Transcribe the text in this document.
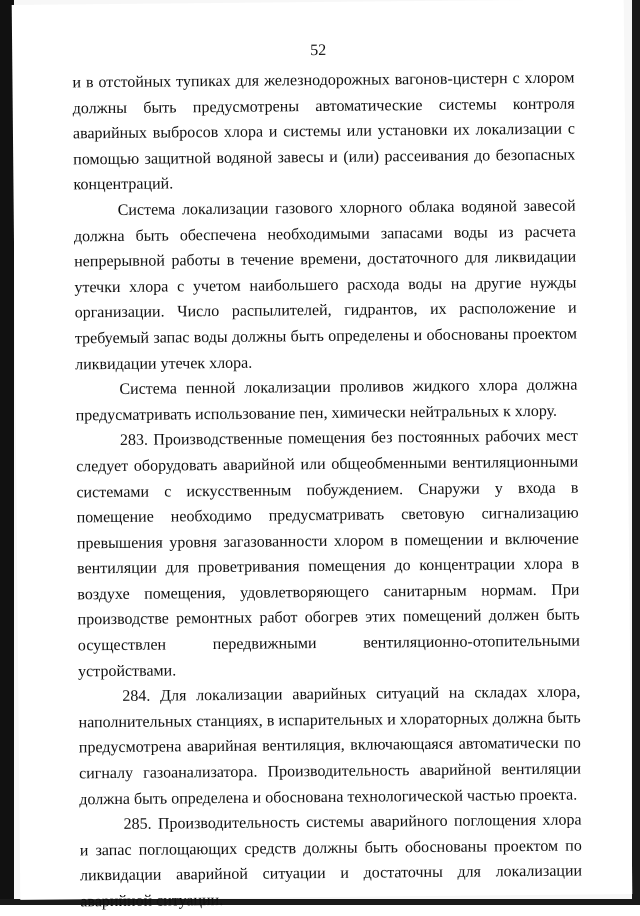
52

и в отстойных тупиках для железнодорожных вагонов-цистерн с хлором должны быть предусмотрены автоматические системы контроля аварийных выбросов хлора и системы или установки их локализации с помощью защитной водяной завесы и (или) рассеивания до безопасных концентраций.

Система локализации газового хлорного облака водяной завесой должна быть обеспечена необходимыми запасами воды из расчета непрерывной работы в течение времени, достаточного для ликвидации утечки хлора с учетом наибольшего расхода воды на другие нужды организации. Число распылителей, гидрантов, их расположение и требуемый запас воды должны быть определены и обоснованы проектом ликвидации утечек хлора.

Система пенной локализации проливов жидкого хлора должна предусматривать использование пен, химически нейтральных к хлору.

283. Производственные помещения без постоянных рабочих мест следует оборудовать аварийной или общеобменными вентиляционными системами с искусственным побуждением. Снаружи у входа в помещение необходимо предусматривать световую сигнализацию превышения уровня загазованности хлором в помещении и включение вентиляции для проветривания помещения до концентрации хлора в воздухе помещения, удовлетворяющего санитарным нормам. При производстве ремонтных работ обогрев этих помещений должен быть осуществлен передвижными вентиляционно-отопительными устройствами.

284. Для локализации аварийных ситуаций на складах хлора, наполнительных станциях, в испарительных и хлораторных должна быть предусмотрена аварийная вентиляция, включающаяся автоматически по сигналу газоанализатора. Производительность аварийной вентиляции должна быть определена и обоснована технологической частью проекта.

285. Производительность системы аварийного поглощения хлора и запас поглощающих средств должны быть обоснованы проектом по ликвидации аварийной ситуации и достаточны для локализации аварийной ситуации.
